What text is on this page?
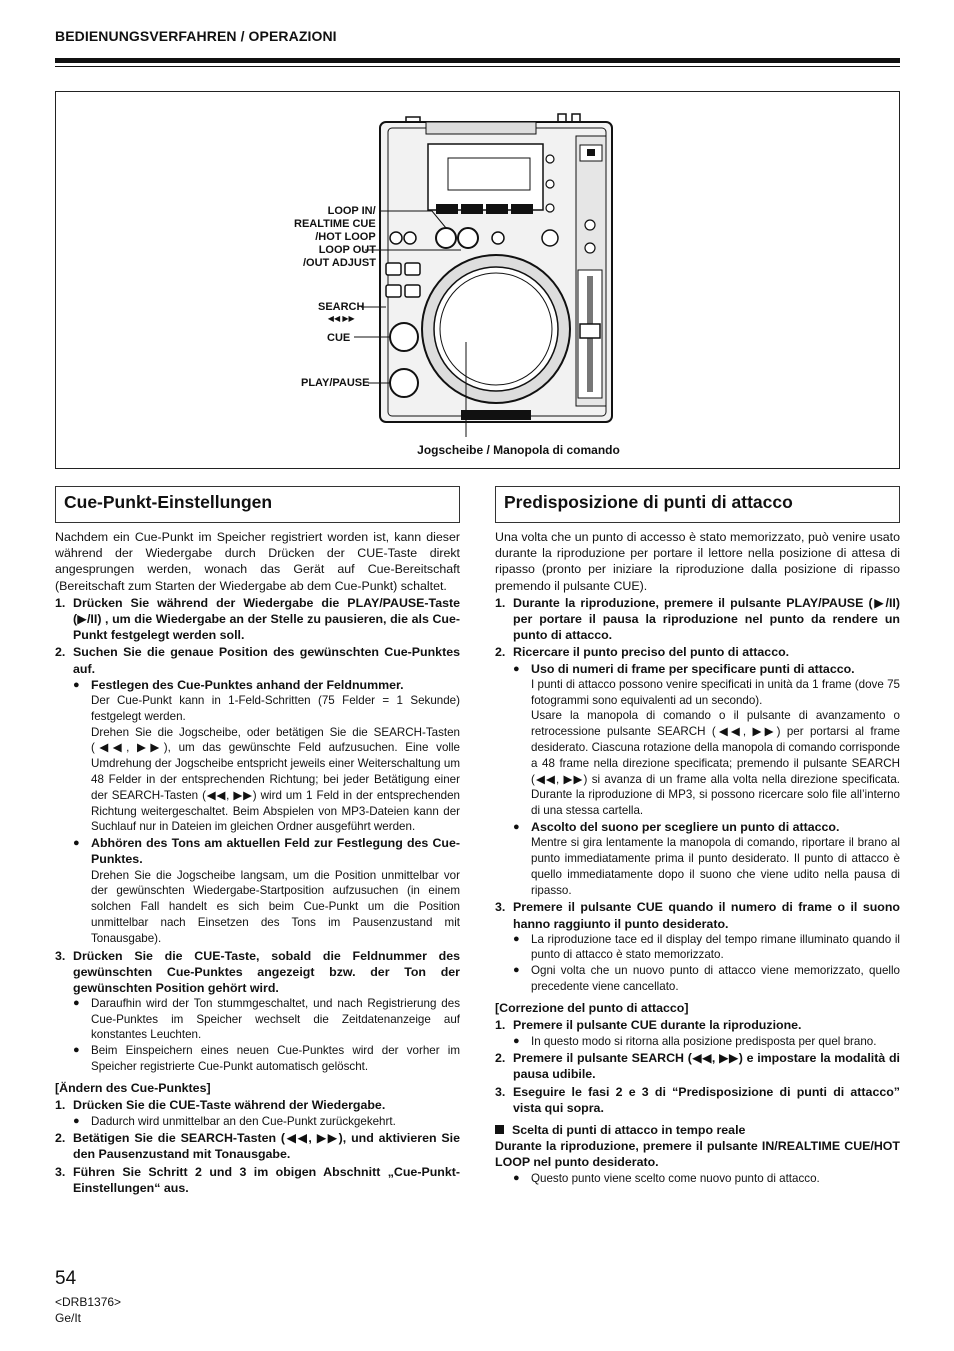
BEDIENUNGSVERFAHREN / OPERAZIONI
LOOP IN/
REALTIME CUE
/HOT LOOP
LOOP OUT
/OUT ADJUST
SEARCH
◀◀ ▶▶
CUE
PLAY/PAUSE
Jogscheibe / Manopola di comando
Cue-Punkt-Einstellungen

Nachdem ein Cue-Punkt im Speicher registriert worden ist, kann dieser während der Wiedergabe durch Drücken der CUE-Taste direkt angesprungen werden, wonach das Gerät auf Cue-Bereitschaft (Bereitschaft zum Starten der Wiedergabe ab dem Cue-Punkt) schaltet.

1. Drücken Sie während der Wiedergabe die PLAY/PAUSE-Taste (▶/II) , um die Wiedergabe an der Stelle zu pausieren, die als Cue-Punkt festgelegt werden soll.
2. Suchen Sie die genaue Position des gewünschten Cue-Punktes auf.
● Festlegen des Cue-Punktes anhand der Feldnummer.
Der Cue-Punkt kann in 1-Feld-Schritten (75 Felder = 1 Sekunde) festgelegt werden.
Drehen Sie die Jogscheibe, oder betätigen Sie die SEARCH-Tasten (◀◀, ▶▶), um das gewünschte Feld aufzusuchen. Eine volle Umdrehung der Jogscheibe entspricht jeweils einer Weiterschaltung um 48 Felder in der entsprechenden Richtung; bei jeder Betätigung einer der SEARCH-Tasten (◀◀, ▶▶) wird um 1 Feld in der entsprechenden Richtung weitergeschaltet. Beim Abspielen von MP3-Dateien kann der Suchlauf nur in Dateien im gleichen Ordner ausgeführt werden.
● Abhören des Tons am aktuellen Feld zur Festlegung des Cue-Punktes.
Drehen Sie die Jogscheibe langsam, um die Position unmittelbar vor der gewünschten Wiedergabe-Startposition aufzusuchen (in einem solchen Fall handelt es sich beim Cue-Punkt um die Position unmittelbar nach Einsetzen des Tons im Pausenzustand mit Tonausgabe).
3. Drücken Sie die CUE-Taste, sobald die Feldnummer des gewünschten Cue-Punktes angezeigt bzw. der Ton der gewünschten Position gehört wird.
● Daraufhin wird der Ton stummgeschaltet, und nach Registrierung des Cue-Punktes im Speicher wechselt die Zeitdatenanzeige auf konstantes Leuchten.
● Beim Einspeichern eines neuen Cue-Punktes wird der vorher im Speicher registrierte Cue-Punkt automatisch gelöscht.
[Ändern des Cue-Punktes]
1. Drücken Sie die CUE-Taste während der Wiedergabe.
● Dadurch wird unmittelbar an den Cue-Punkt zurückgekehrt.
2. Betätigen Sie die SEARCH-Tasten (◀◀, ▶▶), und aktivieren Sie den Pausenzustand mit Tonausgabe.
3. Führen Sie Schritt 2 und 3 im obigen Abschnitt „Cue-Punkt-Einstellungen“ aus.
Predisposizione di punti di attacco

Una volta che un punto di accesso è stato memorizzato, può venire usato durante la riproduzione per portare il lettore nella posizione di attesa di ripasso (pronto per iniziare la riproduzione dalla posizione di ripasso premendo il pulsante CUE).

1. Durante la riproduzione, premere il pulsante PLAY/PAUSE (▶/II) per portare il pausa la riproduzione nel punto da rendere un punto di attacco.
2. Ricercare il punto preciso del punto di attacco.
● Uso di numeri di frame per specificare punti di attacco.
I punti di attacco possono venire specificati in unità da 1 frame (dove 75 fotogrammi sono equivalenti ad un secondo).
Usare la manopola di comando o il pulsante di avanzamento o retrocessione pulsante SEARCH (◀◀, ▶▶) per portarsi al frame desiderato. Ciascuna rotazione della manopola di comando corrisponde a 48 frame nella direzione specificata; premendo il pulsante SEARCH (◀◀, ▶▶) si avanza di un frame alla volta nella direzione specificata. Durante la riproduzione di MP3, si possono ricercare solo file all’interno di una stessa cartella.
● Ascolto del suono per scegliere un punto di attacco.
Mentre si gira lentamente la manopola di comando, riportare il brano al punto immediatamente prima il punto desiderato. Il punto di attacco è quello immediatamente dopo il suono che viene udito nella pausa di ripasso.
3. Premere il pulsante CUE quando il numero di frame o il suono hanno raggiunto il punto desiderato.
● La riproduzione tace ed il display del tempo rimane illuminato quando il punto di attacco è stato memorizzato.
● Ogni volta che un nuovo punto di attacco viene memorizzato, quello precedente viene cancellato.
[Correzione del punto di attacco]
1. Premere il pulsante CUE durante la riproduzione.
● In questo modo si ritorna alla posizione predisposta per quel brano.
2. Premere il pulsante SEARCH (◀◀, ▶▶) e impostare la modalità di pausa udibile.
3. Eseguire le fasi 2 e 3 di “Predisposizione di punti di attacco” vista qui sopra.
Scelta di punti di attacco in tempo reale
Durante la riproduzione, premere il pulsante IN/REALTIME CUE/HOT LOOP nel punto desiderato.
● Questo punto viene scelto come nuovo punto di attacco.
54
<DRB1376>
Ge/It
